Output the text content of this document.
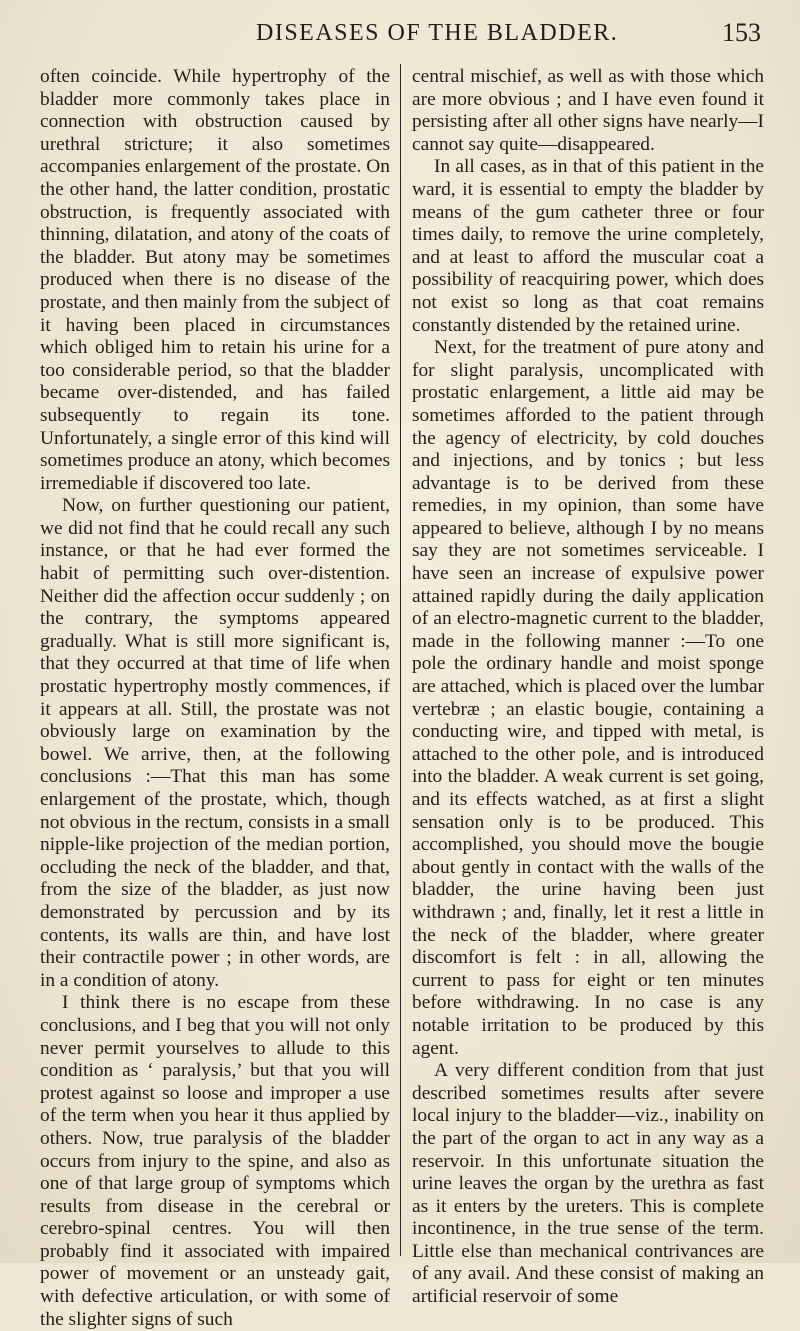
DISEASES OF THE BLADDER.	153

often coincide. While hypertrophy of the bladder more commonly takes place in connection with obstruction caused by urethral stricture; it also sometimes accompanies enlargement of the prostate. On the other hand, the latter condition, prostatic obstruction, is frequently associated with thinning, dilatation, and atony of the coats of the bladder. But atony may be sometimes produced when there is no disease of the prostate, and then mainly from the subject of it having been placed in circumstances which obliged him to retain his urine for a too considerable period, so that the bladder became over-distended, and has failed subsequently to regain its tone. Unfortunately, a single error of this kind will sometimes produce an atony, which becomes irremediable if discovered too late.

Now, on further questioning our patient, we did not find that he could recall any such instance, or that he had ever formed the habit of permitting such over-distention. Neither did the affection occur suddenly ; on the contrary, the symptoms appeared gradually. What is still more significant is, that they occurred at that time of life when prostatic hypertrophy mostly commences, if it appears at all. Still, the prostate was not obviously large on examination by the bowel. We arrive, then, at the following conclusions :—That this man has some enlargement of the prostate, which, though not obvious in the rectum, consists in a small nipple-like projection of the median portion, occluding the neck of the bladder, and that, from the size of the bladder, as just now demonstrated by percussion and by its contents, its walls are thin, and have lost their contractile power ; in other words, are in a condition of atony.

I think there is no escape from these conclusions, and I beg that you will not only never permit yourselves to allude to this condition as ‘ paralysis,’ but that you will protest against so loose and improper a use of the term when you hear it thus applied by others. Now, true paralysis of the bladder occurs from injury to the spine, and also as one of that large group of symptoms which results from disease in the cerebral or cerebro-spinal centres. You will then probably find it associated with impaired power of movement or an unsteady gait, with defective articulation, or with some of the slighter signs of such

central mischief, as well as with those which are more obvious ; and I have even found it persisting after all other signs have nearly—I cannot say quite—disappeared.

In all cases, as in that of this patient in the ward, it is essential to empty the bladder by means of the gum catheter three or four times daily, to remove the urine completely, and at least to afford the muscular coat a possibility of reacquiring power, which does not exist so long as that coat remains constantly distended by the retained urine.

Next, for the treatment of pure atony and for slight paralysis, uncomplicated with prostatic enlargement, a little aid may be sometimes afforded to the patient through the agency of electricity, by cold douches and injections, and by tonics ; but less advantage is to be derived from these remedies, in my opinion, than some have appeared to believe, although I by no means say they are not sometimes serviceable. I have seen an increase of expulsive power attained rapidly during the daily application of an electro-magnetic current to the bladder, made in the following manner :—To one pole the ordinary handle and moist sponge are attached, which is placed over the lumbar vertebræ ; an elastic bougie, containing a conducting wire, and tipped with metal, is attached to the other pole, and is introduced into the bladder. A weak current is set going, and its effects watched, as at first a slight sensation only is to be produced. This accomplished, you should move the bougie about gently in contact with the walls of the bladder, the urine having been just withdrawn ; and, finally, let it rest a little in the neck of the bladder, where greater discomfort is felt : in all, allowing the current to pass for eight or ten minutes before withdrawing. In no case is any notable irritation to be produced by this agent.

A very different condition from that just described sometimes results after severe local injury to the bladder—viz., inability on the part of the organ to act in any way as a reservoir. In this unfortunate situation the urine leaves the organ by the urethra as fast as it enters by the ureters. This is complete incontinence, in the true sense of the term. Little else than mechanical contrivances are of any avail. And these consist of making an artificial reservoir of some
